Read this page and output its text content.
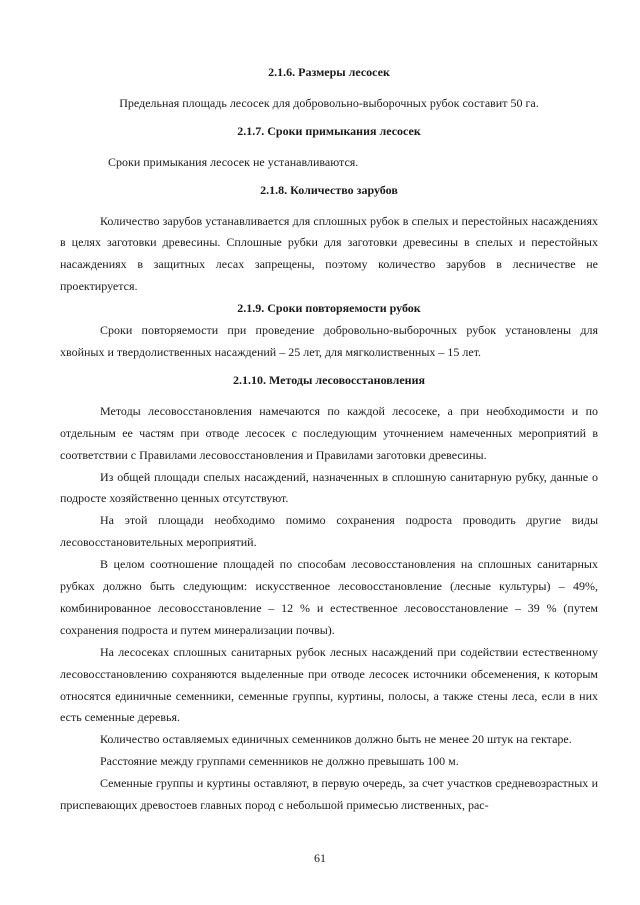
2.1.6. Размеры лесосек

Предельная площадь лесосек для добровольно-выборочных рубок составит 50 га.

2.1.7. Сроки примыкания лесосек

Сроки примыкания лесосек не устанавливаются.

2.1.8. Количество зарубов

Количество зарубов устанавливается для сплошных рубок в спелых и перестойных насаждениях в целях заготовки древесины. Сплошные рубки для заготовки древесины в спелых и перестойных насаждениях в защитных лесах запрещены, поэтому количество зарубов в лесничестве не проектируется.

2.1.9. Сроки повторяемости рубок

Сроки повторяемости при проведение добровольно-выборочных рубок установлены для хвойных и твердолиственных насаждений – 25 лет, для мягколиственных – 15 лет.

2.1.10. Методы лесовосстановления

Методы лесовосстановления намечаются по каждой лесосеке, а при необходимости и по отдельным ее частям при отводе лесосек с последующим уточнением намеченных мероприятий в соответствии с Правилами лесовосстановления и Правилами заготовки древесины.

Из общей площади спелых насаждений, назначенных в сплошную санитарную рубку, данные о подросте хозяйственно ценных отсутствуют.

На этой площади необходимо помимо сохранения подроста проводить другие виды лесовосстановительных мероприятий.

В целом соотношение площадей по способам лесовосстановления на сплошных санитарных рубках должно быть следующим: искусственное лесовосстановление (лесные культуры) – 49%, комбинированное лесовосстановление – 12 % и естественное лесовосстановление – 39 % (путем сохранения подроста и путем минерализации почвы).

На лесосеках сплошных санитарных рубок лесных насаждений при содействии естественному лесовосстановлению сохраняются выделенные при отводе лесосек источники обсеменения, к которым относятся единичные семенники, семенные группы, куртины, полосы, а также стены леса, если в них есть семенные деревья.

Количество оставляемых единичных семенников должно быть не менее 20 штук на гектаре.

Расстояние между группами семенников не должно превышать 100 м.

Семенные группы и куртины оставляют, в первую очередь, за счет участков средневозрастных и приспевающих древостоев главных пород с небольшой примесью лиственных, рас-

61
